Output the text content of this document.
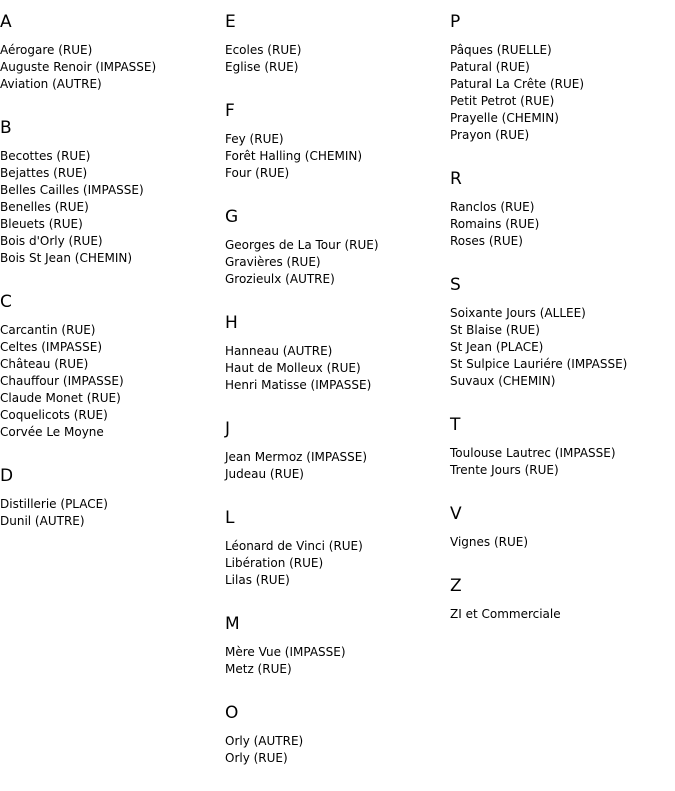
A
Aérogare (RUE)
Auguste Renoir (IMPASSE)
Aviation (AUTRE)
B
Becottes (RUE)
Bejattes (RUE)
Belles Cailles (IMPASSE)
Benelles (RUE)
Bleuets (RUE)
Bois d'Orly (RUE)
Bois St Jean (CHEMIN)
C
Carcantin (RUE)
Celtes (IMPASSE)
Château (RUE)
Chauffour (IMPASSE)
Claude Monet (RUE)
Coquelicots (RUE)
Corvée Le Moyne
D
Distillerie (PLACE)
Dunil (AUTRE)
E
Ecoles (RUE)
Eglise (RUE)
F
Fey (RUE)
Forêt Halling (CHEMIN)
Four (RUE)
G
Georges de La Tour (RUE)
Gravières (RUE)
Grozieulx (AUTRE)
H
Hanneau (AUTRE)
Haut de Molleux (RUE)
Henri Matisse (IMPASSE)
J
Jean Mermoz (IMPASSE)
Judeau (RUE)
L
Léonard de Vinci (RUE)
Libération (RUE)
Lilas (RUE)
M
Mère Vue (IMPASSE)
Metz (RUE)
O
Orly (AUTRE)
Orly (RUE)
P
Pâques (RUELLE)
Patural (RUE)
Patural La Crête (RUE)
Petit Petrot (RUE)
Prayelle (CHEMIN)
Prayon (RUE)
R
Ranclos (RUE)
Romains (RUE)
Roses (RUE)
S
Soixante Jours (ALLEE)
St Blaise (RUE)
St Jean (PLACE)
St Sulpice Lauriére (IMPASSE)
Suvaux (CHEMIN)
T
Toulouse Lautrec (IMPASSE)
Trente Jours (RUE)
V
Vignes (RUE)
Z
ZI et Commerciale
